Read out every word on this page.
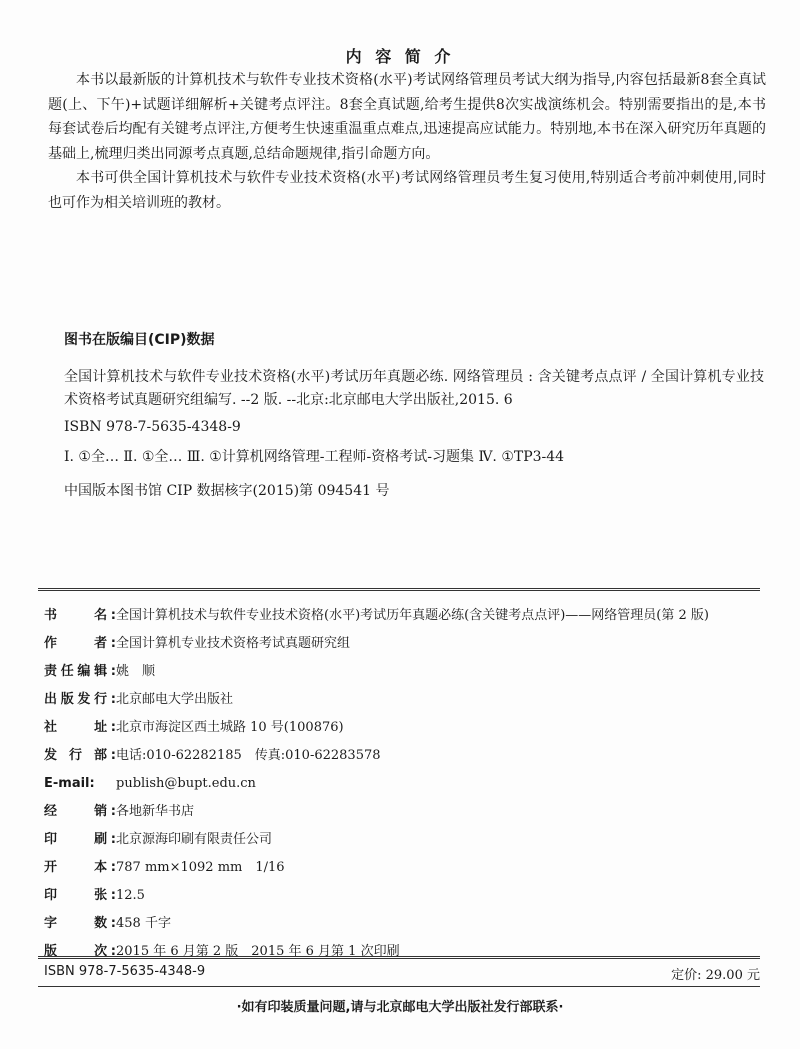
内 容 简 介

本书以最新版的计算机技术与软件专业技术资格(水平)考试网络管理员考试大纲为指导,内容包括最新8套全真试题(上、下午)+试题详细解析+关键考点评注。8套全真试题,给考生提供8次实战演练机会。特别需要指出的是,本书每套试卷后均配有关键考点评注,方便考生快速重温重点难点,迅速提高应试能力。特别地,本书在深入研究历年真题的基础上,梳理归类出同源考点真题,总结命题规律,指引命题方向。

本书可供全国计算机技术与软件专业技术资格(水平)考试网络管理员考生复习使用,特别适合考前冲刺使用,同时也可作为相关培训班的教材。

图书在版编目(CIP)数据
全国计算机技术与软件专业技术资格(水平)考试历年真题必练. 网络管理员 : 含关键考点点评 / 全国计算机专业技术资格考试真题研究组编写. --2 版. --北京:北京邮电大学出版社,2015. 6
ISBN 978-7-5635-4348-9
Ⅰ. ①全… Ⅱ. ①全… Ⅲ. ①计算机网络管理-工程师-资格考试-习题集 Ⅳ. ①TP3-44
中国版本图书馆 CIP 数据核字(2015)第 094541 号
书　　名:全国计算机技术与软件专业技术资格(水平)考试历年真题必练(含关键考点点评)——网络管理员(第 2 版)
作　　者:全国计算机专业技术资格考试真题研究组
责任编辑:姚　顺
出版发行:北京邮电大学出版社
社　　址:北京市海淀区西土城路 10 号(100876)
发 行 部:电话:010-62282185　传真:010-62283578
E-mail: publish@bupt.edu.cn
经　　销:各地新华书店
印　　刷:北京源海印刷有限责任公司
开　　本:787 mm×1092 mm　1/16
印　　张:12.5
字　　数:458 千字
版　　次:2015 年 6 月第 2 版　2015 年 6 月第 1 次印刷
ISBN 978-7-5635-4348-9	定价: 29.00 元
·如有印装质量问题,请与北京邮电大学出版社发行部联系·
